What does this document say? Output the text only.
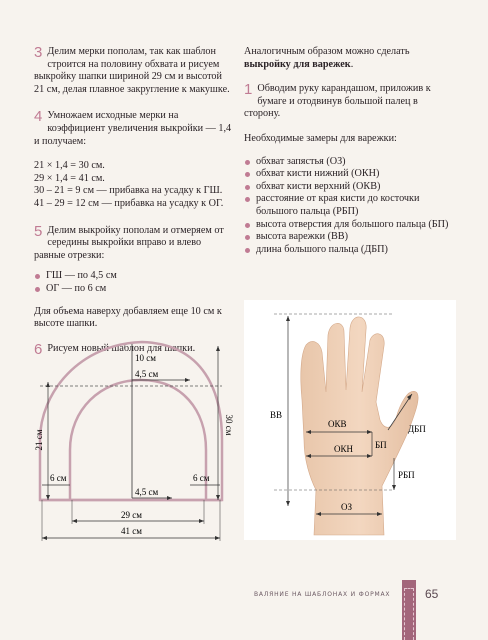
3 Делим мерки пополам, так как шаблон строится на половину обхвата и рисуем выкройку шапки шириной 29 см и высотой 21 см, делая плавное закругление к макушке.

4 Умножаем исходные мерки на коэффициент увеличения выкройки — 1,4 и получаем:

21 × 1,4 = 30 см.

29 × 1,4 = 41 см.

30 – 21 = 9 см — прибавка на усадку к ГШ.

41 – 29 = 12 см — прибавка на усадку к ОГ.

5 Делим выкройку пополам и отмеряем от середины выкройки вправо и влево равные отрезки:

ГШ — по 4,5 см
ОГ — по 6 см

Для объема наверху добавляем еще 10 см к высоте шапки.

6 Рисуем новый шаблон для шапки.

Аналогичным образом можно сделать выкройку для варежек.

1 Обводим руку карандашом, приложив к бумаге и отодвинув большой палец в сторону.

Необходимые замеры для варежки:

обхват запястья (ОЗ)
обхват кисти нижний (ОКН)
обхват кисти верхний (ОКВ)
расстояние от края кисти до косточки большого пальца (РБП)
высота отверстия для большого пальца (БП)
высота варежки (ВВ)
длина большого пальца (ДБП)
10 см
4,5 см
4,5 см
21 см
30 см
6 см	6 см
29 см
41 см
ВВ
ОКВ
ОКН БП
ДБП
РБП
ОЗ
ВАЛЯНИЕ НА ШАБЛОНАХ И ФОРМАХ	65
